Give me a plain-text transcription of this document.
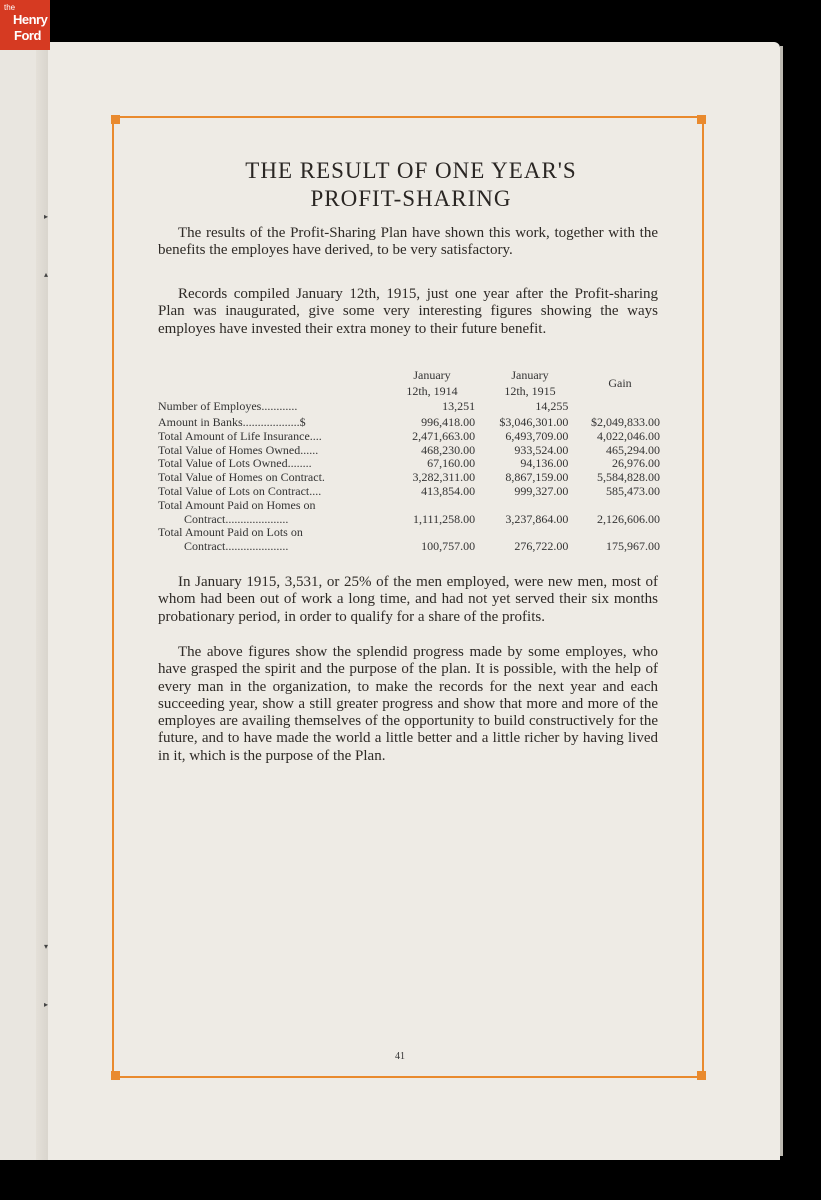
▸
▴
▾
▸
the
Henry
Ford
THE RESULT OF ONE YEAR'S
PROFIT-SHARING
The results of the Profit-Sharing Plan have shown this work, together with the benefits the employes have derived, to be very satisfactory.
Records compiled January 12th, 1915, just one year after the Profit-sharing Plan was inaugurated, give some very interesting figures showing the ways employes have invested their extra money to their future benefit.
January
12th, 1914
January
12th, 1915
Gain
Number of Employes............	13,251	14,255	
Amount in Banks...................$	996,418.00	$3,046,301.00	$2,049,833.00
Total Amount of Life Insurance....	2,471,663.00	6,493,709.00	4,022,046.00
Total Value of Homes Owned......	468,230.00	933,524.00	465,294.00
Total Value of Lots Owned........	67,160.00	94,136.00	26,976.00
Total Value of Homes on Contract.	3,282,311.00	8,867,159.00	5,584,828.00
Total Value of Lots on Contract....	413,854.00	999,327.00	585,473.00
Total Amount Paid on Homes on			
Contract.....................	1,111,258.00	3,237,864.00	2,126,606.00
Total Amount Paid on Lots on			
Contract.....................	100,757.00	276,722.00	175,967.00
In January 1915, 3,531, or 25% of the men employed, were new men, most of whom had been out of work a long time, and had not yet served their six months probationary period, in order to qualify for a share of the profits.
The above figures show the splendid progress made by some employes, who have grasped the spirit and the purpose of the plan. It is possible, with the help of every man in the organization, to make the records for the next year and each succeeding year, show a still greater progress and show that more and more of the employes are availing themselves of the opportunity to build constructively for the future, and to have made the world a little better and a little richer by having lived in it, which is the purpose of the Plan.
41
